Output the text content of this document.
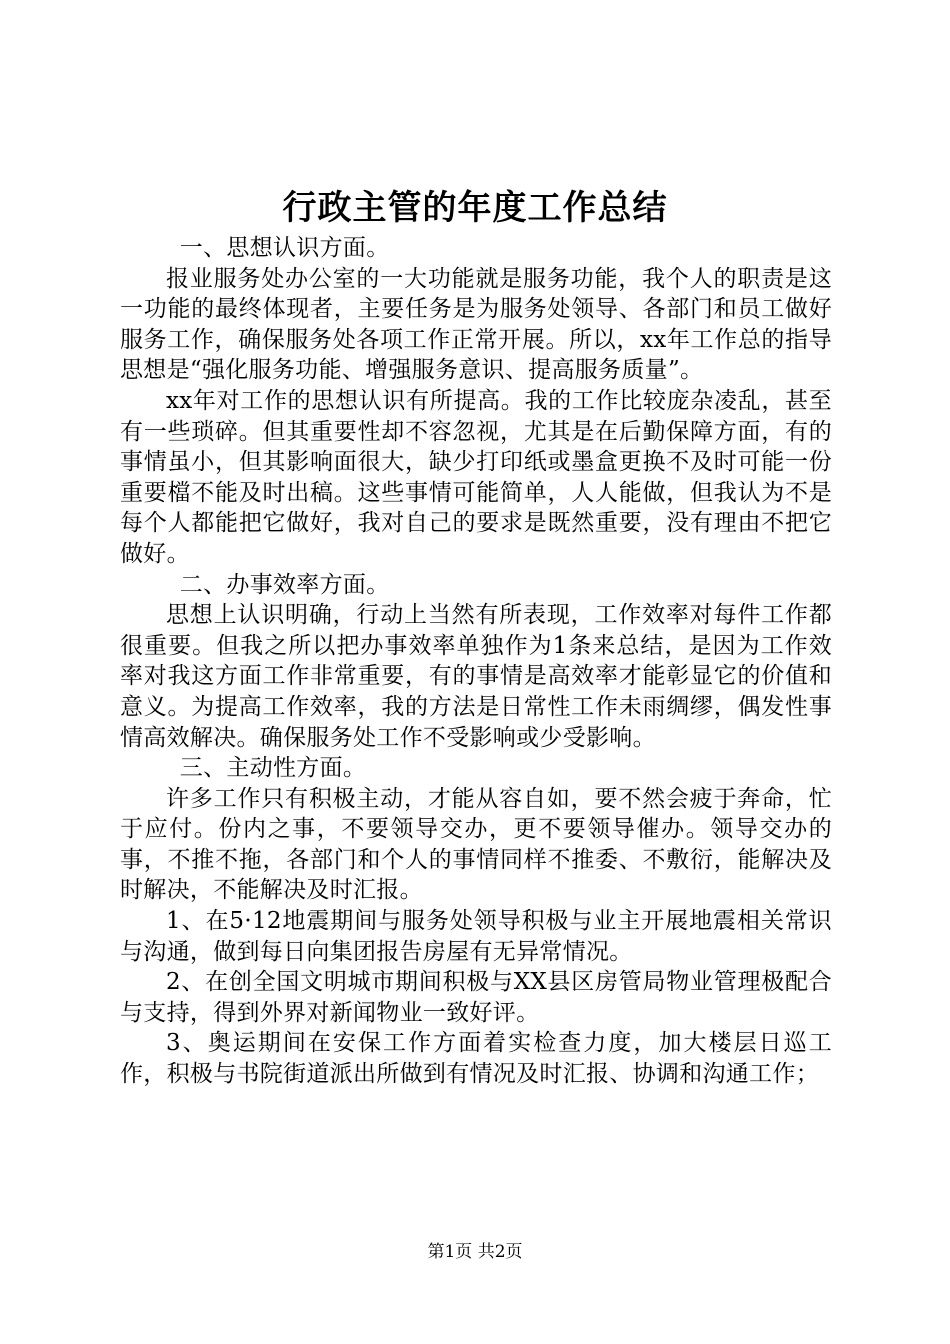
行政主管的年度工作总结

一、思想认识方面。

报业服务处办公室的一大功能就是服务功能，我个人的职责是这一功能的最终体现者，主要任务是为服务处领导、各部门和员工做好服务工作，确保服务处各项工作正常开展。所以，xx年工作总的指导思想是“强化服务功能、增强服务意识、提高服务质量”。

xx年对工作的思想认识有所提高。我的工作比较庞杂凌乱，甚至有一些琐碎。但其重要性却不容忽视，尤其是在后勤保障方面，有的事情虽小，但其影响面很大，缺少打印纸或墨盒更换不及时可能一份重要檔不能及时出稿。这些事情可能简单，人人能做，但我认为不是每个人都能把它做好，我对自己的要求是既然重要，没有理由不把它做好。

二、办事效率方面。

思想上认识明确，行动上当然有所表现，工作效率对每件工作都很重要。但我之所以把办事效率单独作为1条来总结，是因为工作效率对我这方面工作非常重要，有的事情是高效率才能彰显它的价值和意义。为提高工作效率，我的方法是日常性工作未雨绸缪，偶发性事情高效解决。确保服务处工作不受影响或少受影响。

三、主动性方面。

许多工作只有积极主动，才能从容自如，要不然会疲于奔命，忙于应付。份内之事，不要领导交办，更不要领导催办。领导交办的事，不推不拖，各部门和个人的事情同样不推委、不敷衍，能解决及时解决，不能解决及时汇报。

1、在5·12地震期间与服务处领导积极与业主开展地震相关常识与沟通，做到每日向集团报告房屋有无异常情况。

2、在创全国文明城市期间积极与XX县区房管局物业管理极配合与支持，得到外界对新闻物业一致好评。

3、奥运期间在安保工作方面着实检查力度，加大楼层日巡工作，积极与书院街道派出所做到有情况及时汇报、协调和沟通工作；

第1页 共2页
